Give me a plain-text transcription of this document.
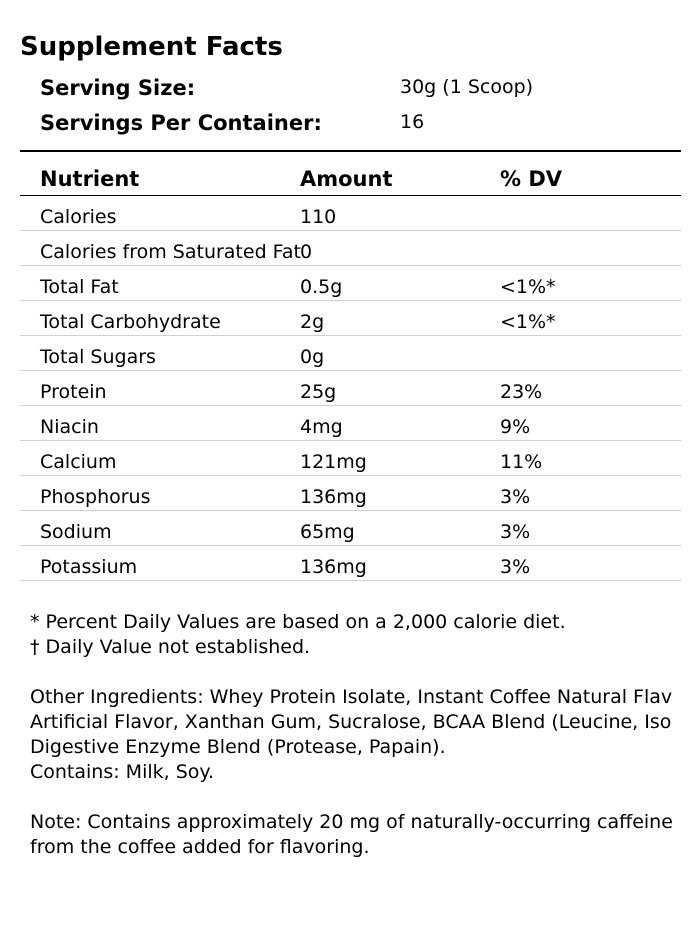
Supplement Facts
Serving Size:	30g (1 Scoop)
Servings Per Container:	16
Nutrient	Amount	% DV
Calories	110
Calories from Saturated Fat 0
Total Fat	0.5g	<1%*
Total Carbohydrate	2g	<1%*
Total Sugars	0g
Protein	25g	23%
Niacin	4mg	9%
Calcium	121mg	11%
Phosphorus	136mg	3%
Sodium	65mg	3%
Potassium	136mg	3%

* Percent Daily Values are based on a 2,000 calorie diet.

† Daily Value not established.

Other Ingredients: Whey Protein Isolate, Instant Coffee Natural Flav

Artificial Flavor, Xanthan Gum, Sucralose, BCAA Blend (Leucine, Iso

Digestive Enzyme Blend (Protease, Papain).

Contains: Milk, Soy.

Note: Contains approximately 20 mg of naturally-occurring caffeine

from the coffee added for flavoring.
